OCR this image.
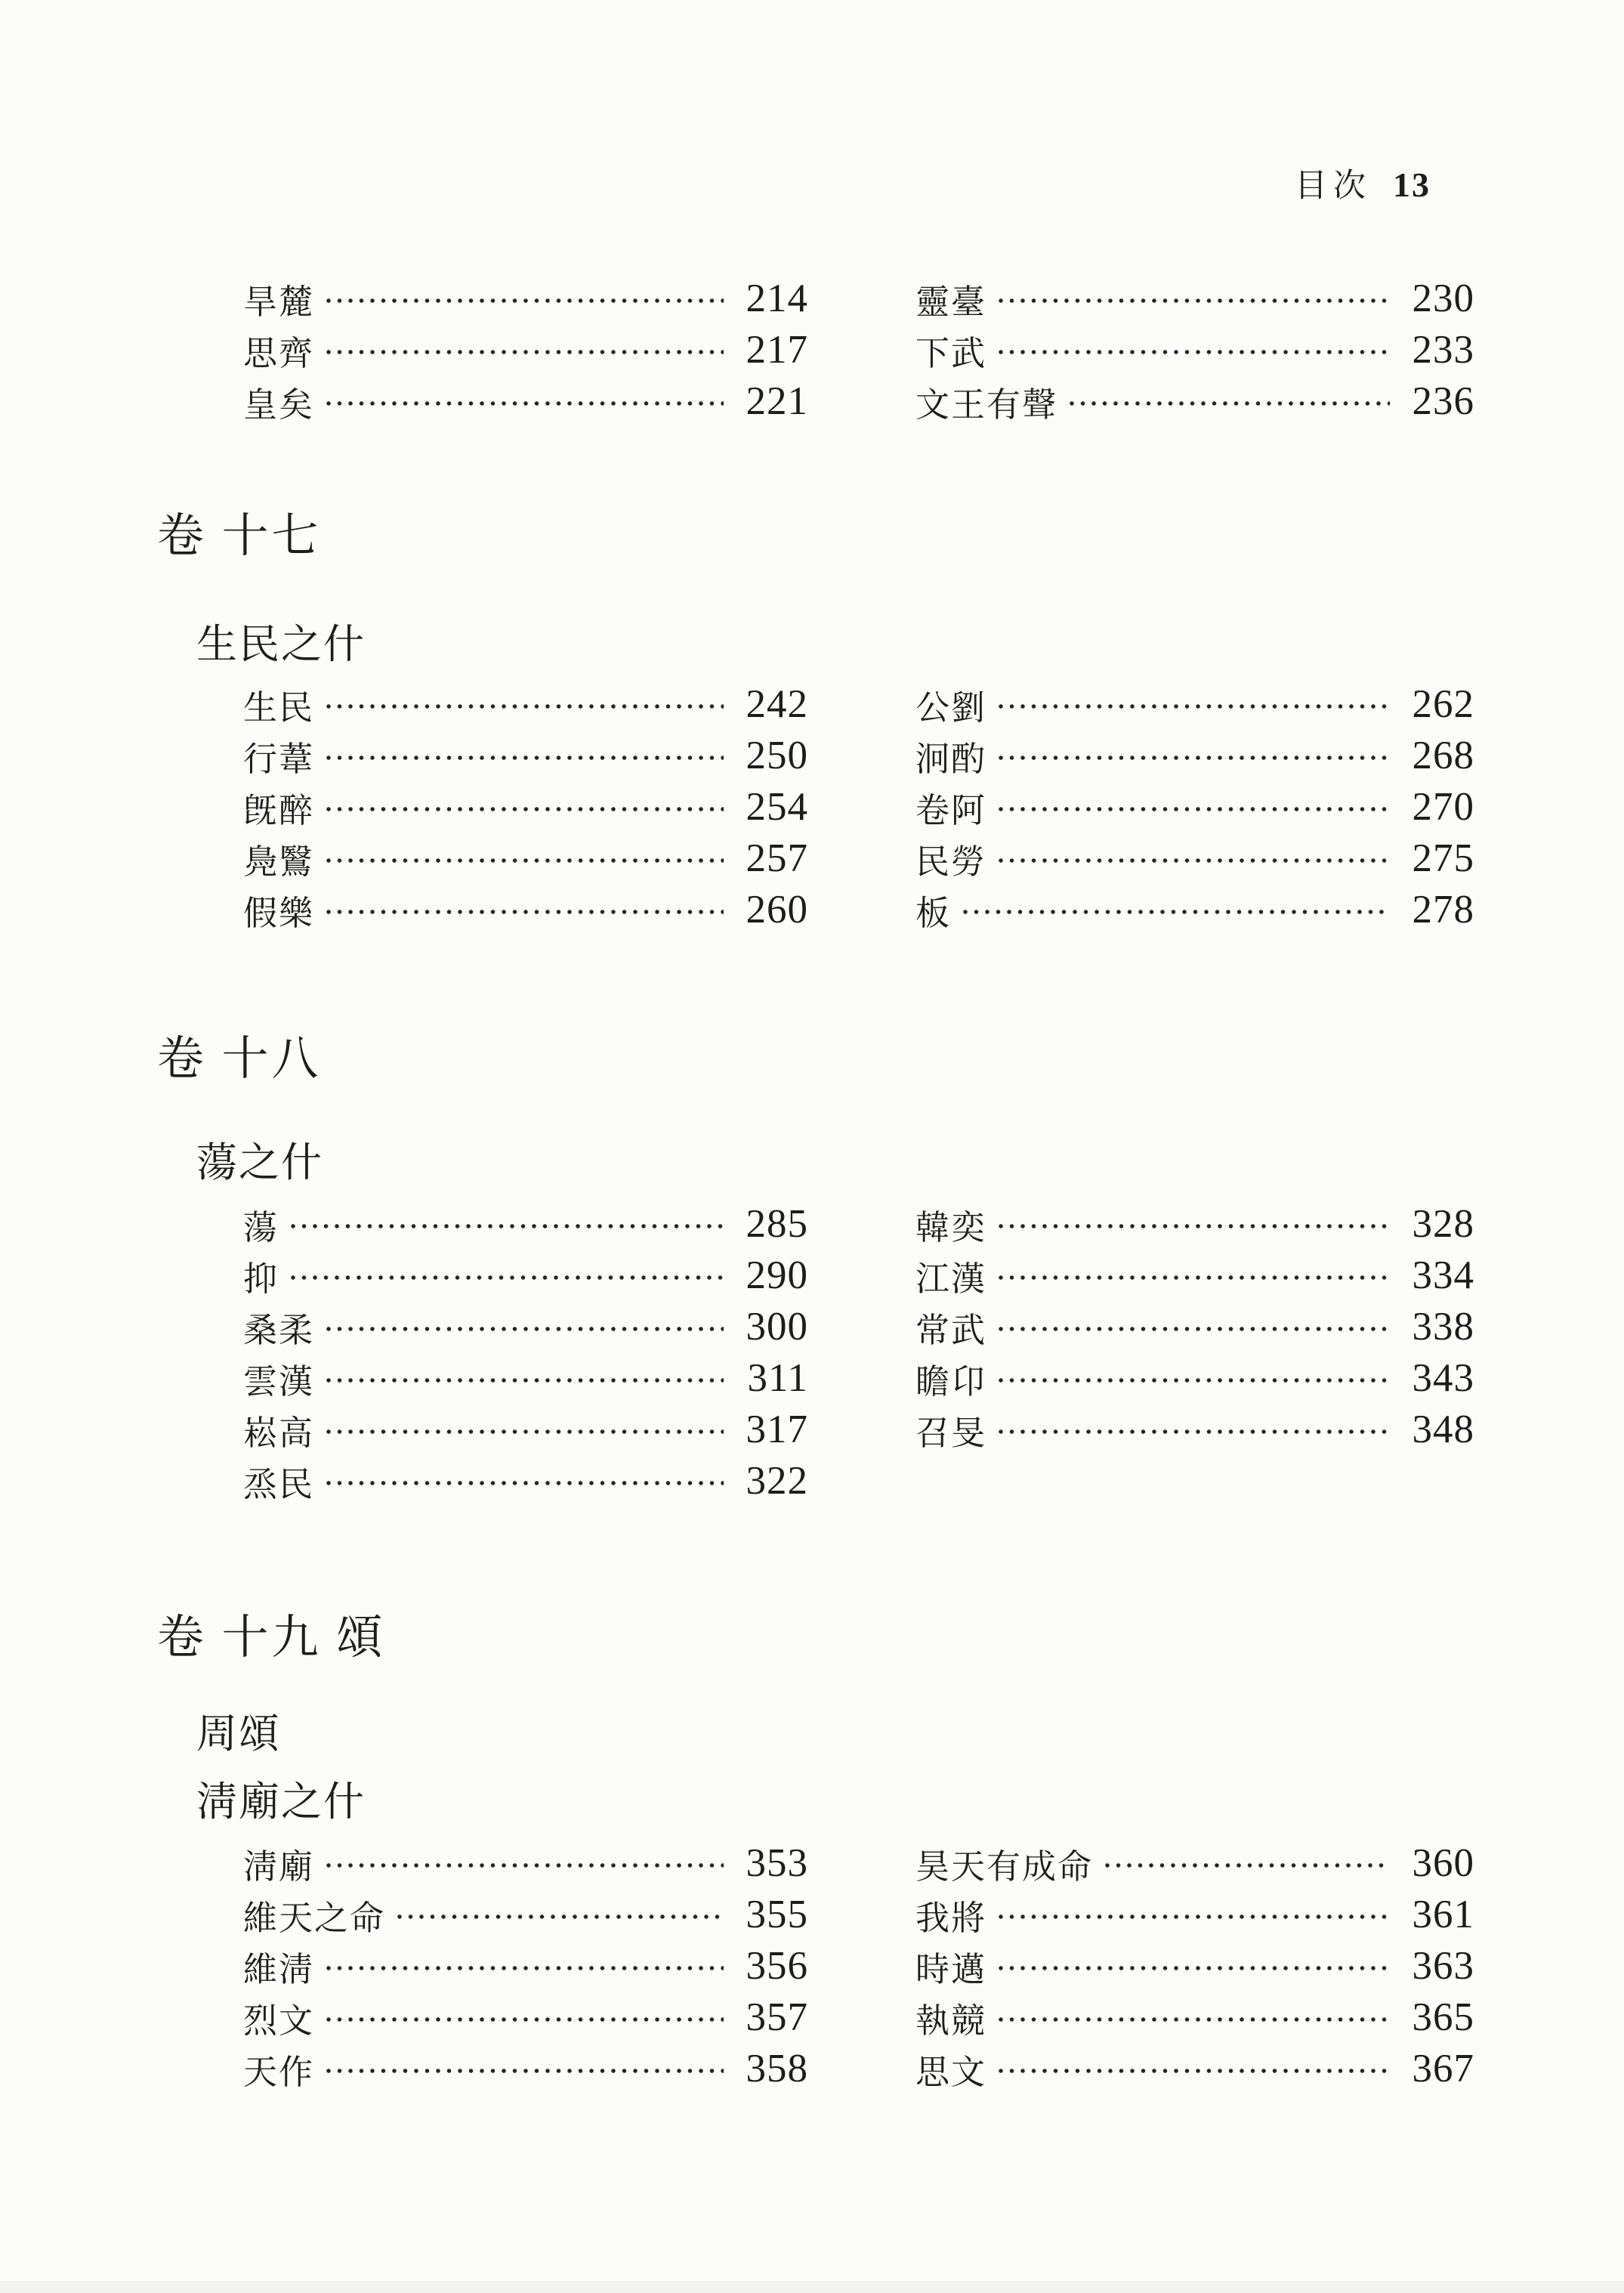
目次 13
旱麓	214
思齊	217
皇矣	221
靈臺	230
下武	233
文王有聲	236
卷 十七
生民之什
生民	242
行葦	250
旣醉	254
鳧鷖	257
假樂	260
公劉	262
泂酌	268
卷阿	270
民勞	275
板	278
卷 十八
蕩之什
蕩	285
抑	290
桑柔	300
雲漢	311
崧高	317
烝民	322
韓奕	328
江漢	334
常武	338
瞻卬	343
召旻	348
卷 十九 頌
周頌
淸廟之什
淸廟	353
維天之命	355
維淸	356
烈文	357
天作	358
昊天有成命	360
我將	361
時邁	363
執競	365
思文	367
